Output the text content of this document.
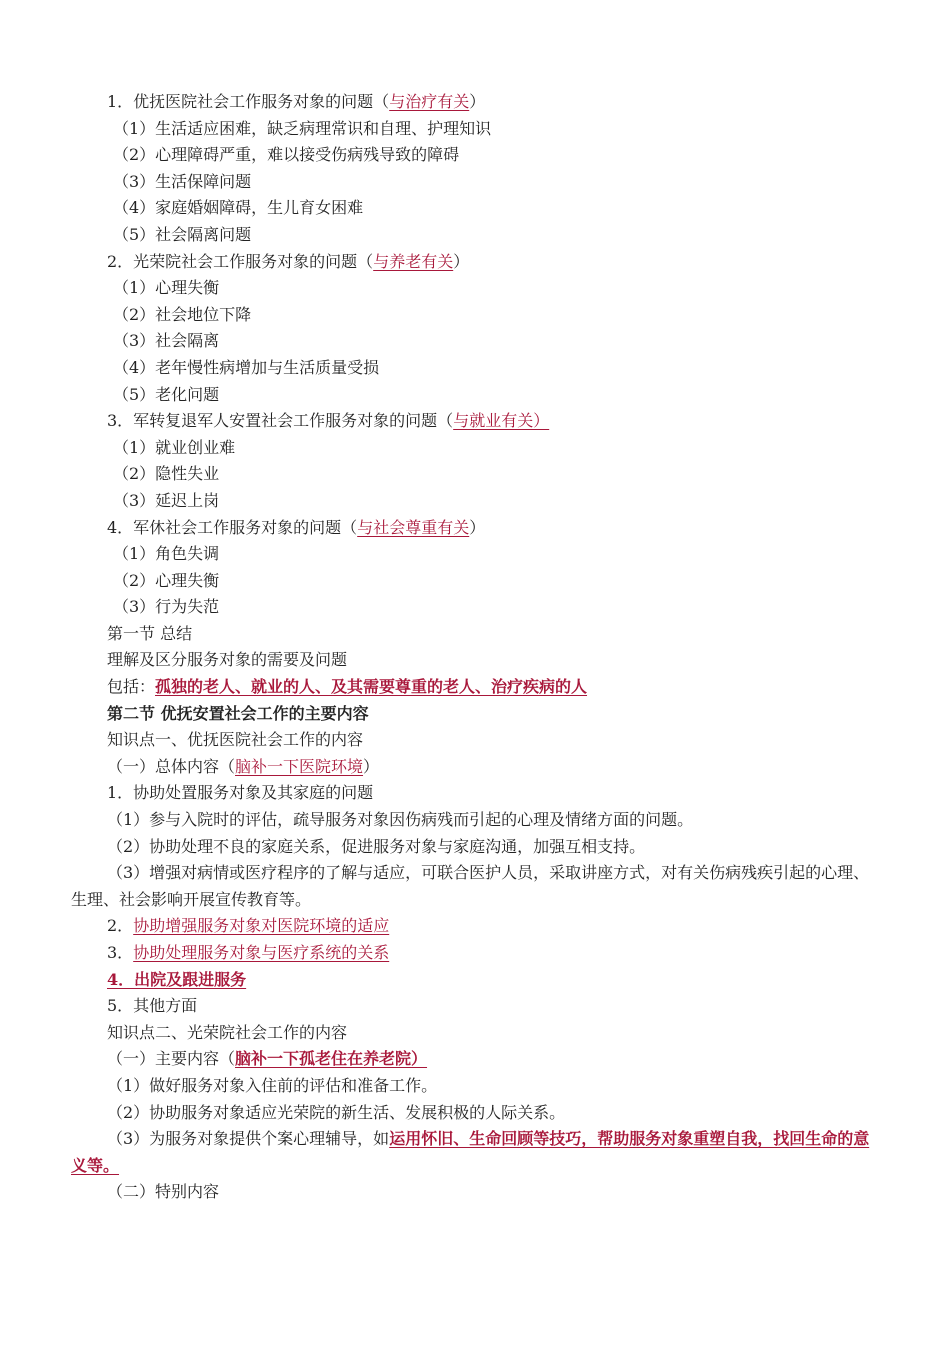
1．优抚医院社会工作服务对象的问题（与治疗有关）
（1）生活适应困难，缺乏病理常识和自理、护理知识
（2）心理障碍严重，难以接受伤病残导致的障碍
（3）生活保障问题
（4）家庭婚姻障碍，生儿育女困难
（5）社会隔离问题
2．光荣院社会工作服务对象的问题（与养老有关）
（1）心理失衡
（2）社会地位下降
（3）社会隔离
（4）老年慢性病增加与生活质量受损
（5）老化问题
3．军转复退军人安置社会工作服务对象的问题（与就业有关）
（1）就业创业难
（2）隐性失业
（3）延迟上岗
4．军休社会工作服务对象的问题（与社会尊重有关）
（1）角色失调
（2）心理失衡
（3）行为失范
第一节 总结
理解及区分服务对象的需要及问题
包括：孤独的老人、就业的人、及其需要尊重的老人、治疗疾病的人
第二节 优抚安置社会工作的主要内容
知识点一、优抚医院社会工作的内容
（一）总体内容（脑补一下医院环境）
1．协助处置服务对象及其家庭的问题
（1）参与入院时的评估，疏导服务对象因伤病残而引起的心理及情绪方面的问题。
（2）协助处理不良的家庭关系，促进服务对象与家庭沟通，加强互相支持。
（3）增强对病情或医疗程序的了解与适应，可联合医护人员，采取讲座方式，对有关伤病残疾引起的心理、生理、社会影响开展宣传教育等。
2．协助增强服务对象对医院环境的适应
3．协助处理服务对象与医疗系统的关系
4．出院及跟进服务
5．其他方面
知识点二、光荣院社会工作的内容
（一）主要内容（脑补一下孤老住在养老院）
（1）做好服务对象入住前的评估和准备工作。
（2）协助服务对象适应光荣院的新生活、发展积极的人际关系。
（3）为服务对象提供个案心理辅导，如运用怀旧、生命回顾等技巧，帮助服务对象重塑自我，找回生命的意义等。
（二）特别内容
